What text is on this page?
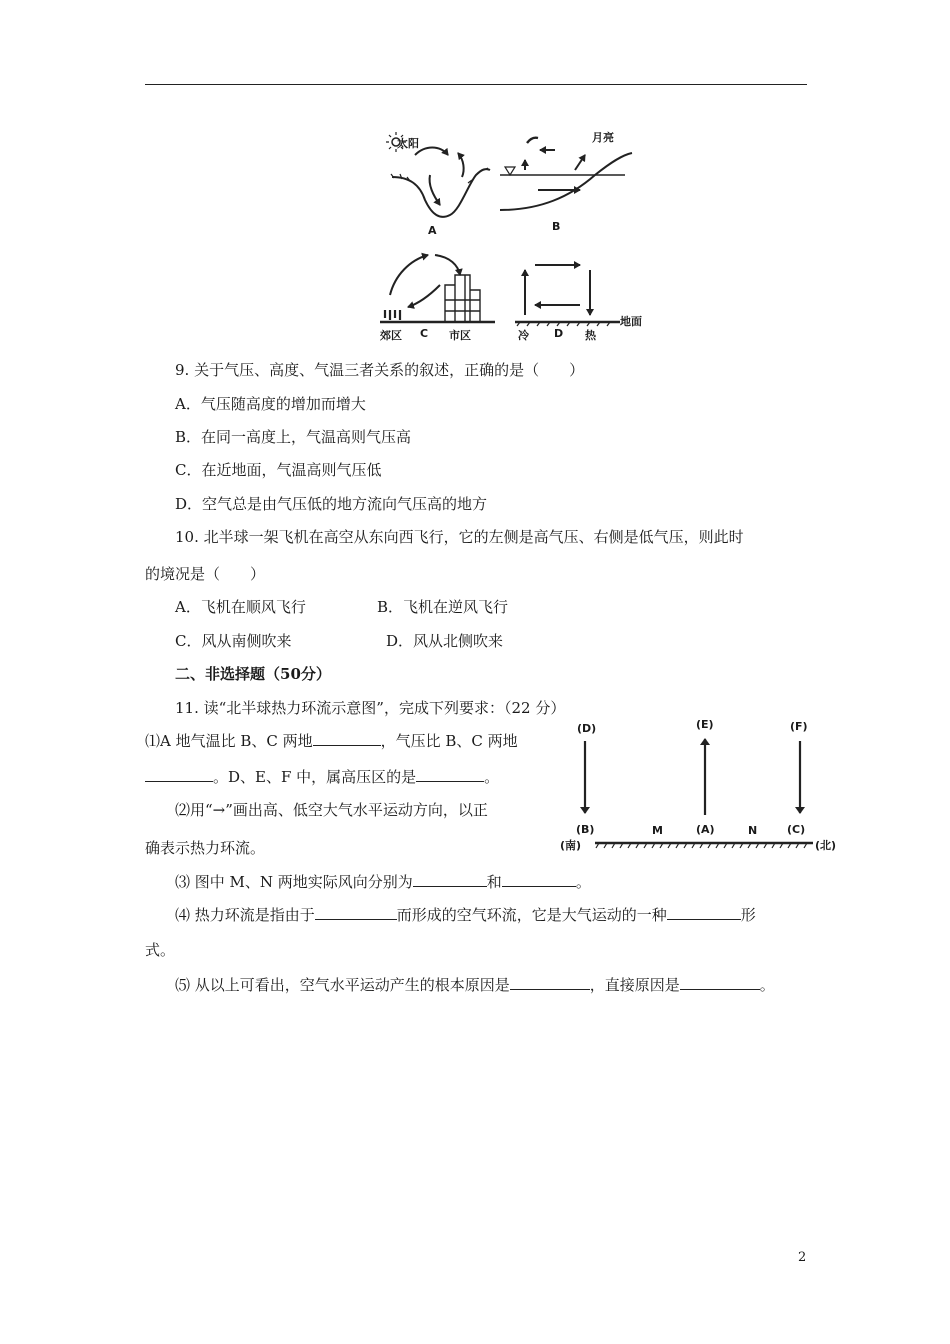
太阳	月亮
A	B
郊区 C 市区	冷 D 热
地面
9. 关于气压、高度、气温三者关系的叙述，正确的是（　　）
A．气压随高度的增加而增大
B．在同一高度上，气温高则气压高
C．在近地面，气温高则气压低
D．空气总是由气压低的地方流向气压高的地方
10. 北半球一架飞机在高空从东向西飞行，它的左侧是高气压、右侧是低气压，则此时
的境况是（　　）
A．飞机在顺风飞行	B．飞机在逆风飞行
C．风从南侧吹来	D．风从北侧吹来
二、非选择题（50分）
11. 读“北半球热力环流示意图”，完成下列要求：（22 分）
⑴A 地气温比 B、C 两地	，气压比 B、C 两地
。D、E、F 中，属高压区的是	。
⑵用“→”画出高、低空大气水平运动方向，以正
确表示热力环流。
⑶ 图中 M、N 两地实际风向分别为	和	。
⑷ 热力环流是指由于	而形成的空气环流，它是大气运动的一种	形
式。
⑸ 从以上可看出，空气水平运动产生的根本原因是	，直接原因是	。
(D)	(E)	(F)
(B)	M	(A)	N	(C)
(南)	(北)
2
